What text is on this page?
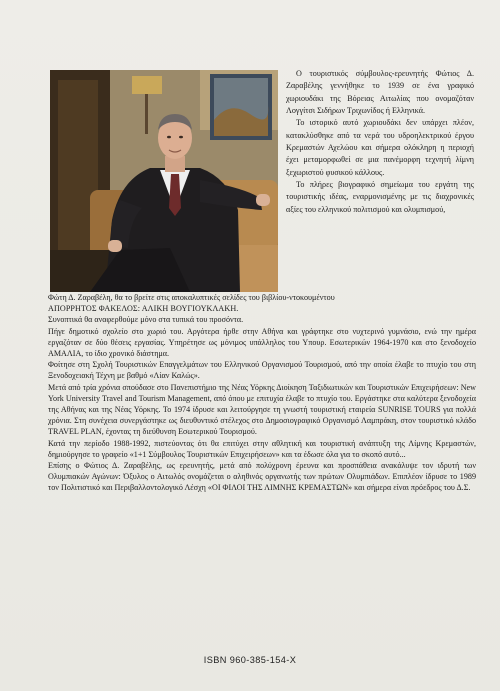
Ο τουριστικός σύμβουλος-ερευνητής Φώτιος Δ. Ζαραβέλης γεννήθηκε το 1939 σε ένα γραφικό χωριουδάκι της Βόρειας Αιτωλίας που ονομαζόταν Λογγίτσι Σιδήρων Τριχωνίδος ή Ελληνικά.

Το ιστορικό αυτό χωριουδάκι δεν υπάρχει πλέον, κατακλύσθηκε από τα νερά του υδροηλεκτρικού έργου Κρεμαστών Αχελώου και σήμερα ολόκληρη η περιοχή έχει μεταμορφωθεί σε μια πανέμορφη τεχνητή λίμνη ξεχωριστού φυσικού κάλλους.

Το πλήρες βιογραφικό σημείωμα του εργάτη της τουριστικής ιδέας, εναρμονισμένης με τις διαχρονικές αξίες του ελληνικού πολιτισμού και ολυμπισμού,

Φώτη Δ. Ζαραβέλη, θα το βρείτε στις αποκαλυπτικές σελίδες του βιβλίου-ντοκουμέντου

ΑΠΟΡΡΗΤΟΣ ΦΑΚΕΛΟΣ: ΑΛΙΚΗ ΒΟΥΓΙΟΥΚΛΑΚΗ.

Συνοπτικά θα αναφερθούμε μόνο στα τυπικά του προσόντα.

Πήγε δημοτικό σχολείο στο χωριό του. Αργότερα ήρθε στην Αθήνα και γράφτηκε στο νυχτερινό γυμνάσιο, ενώ την ημέρα εργαζόταν σε δύο θέσεις εργασίας. Υπηρέτησε ως μόνιμος υπάλληλος του Υπουρ. Εσωτερικών 1964-1970 και στο ξενοδοχείο ΑΜΑΛΙΑ, το ίδιο χρονικό διάστημα.

Φοίτησε στη Σχολή Τουριστικών Επαγγελμάτων του Ελληνικού Οργανισμού Τουρισμού, από την οποία έλαβε το πτυχίο του στη Ξενοδοχειακή Τέχνη με βαθμό «Λίαν Καλώς».

Μετά από τρία χρόνια σπούδασε στο Πανεπιστήμιο της Νέας Υόρκης Διοίκηση Ταξιδιωτικών και Τουριστικών Επιχειρήσεων: New York University Travel and Tourism Management, από όπου με επιτυχία έλαβε το πτυχίο του. Εργάστηκε στα καλύτερα ξενοδοχεία της Αθήνας και της Νέας Υόρκης. Το 1974 ίδρυσε και λειτούργησε τη γνωστή τουριστική εταιρεία SUNRISE TOURS για πολλά χρόνια. Στη συνέχεια συνεργάστηκε ως διευθυντικό στέλεχος στο Δημοσιογραφικό Οργανισμό Λαμπράκη, στον τουριστικό κλάδο TRAVEL PLAN, έχοντας τη διεύθυνση Εσωτερικού Τουρισμού.

Κατά την περίοδο 1988-1992, πιστεύοντας ότι θα επιτύχει στην αθλητική και τουριστική ανάπτυξη της Λίμνης Κρεμαστών, δημιούργησε το γραφείο «1+1 Σύμβουλος Τουριστικών Επιχειρήσεων» και τα έδωσε όλα για το σκοπό αυτό...

Επίσης ο Φώτιος Δ. Ζαραβέλης, ως ερευνητής, μετά από πολύχρονη έρευνα και προσπάθεια ανακάλυψε τον ιδρυτή των Ολυμπιακών Αγώνων: Όξυλος ο Αιτωλός ονομάζεται ο αληθινός οργανωτής των πρώτων Ολυμπιάδων. Επιπλέον ίδρυσε το 1989 τον Πολιτιστικό και Περιβαλλοντολογικό Λέσχη «ΟΙ ΦΙΛΟΙ ΤΗΣ ΛΙΜΝΗΣ ΚΡΕΜΑΣΤΩΝ» και σήμερα είναι πρόεδρος του Δ.Σ.

ISBN 960-385-154-X
